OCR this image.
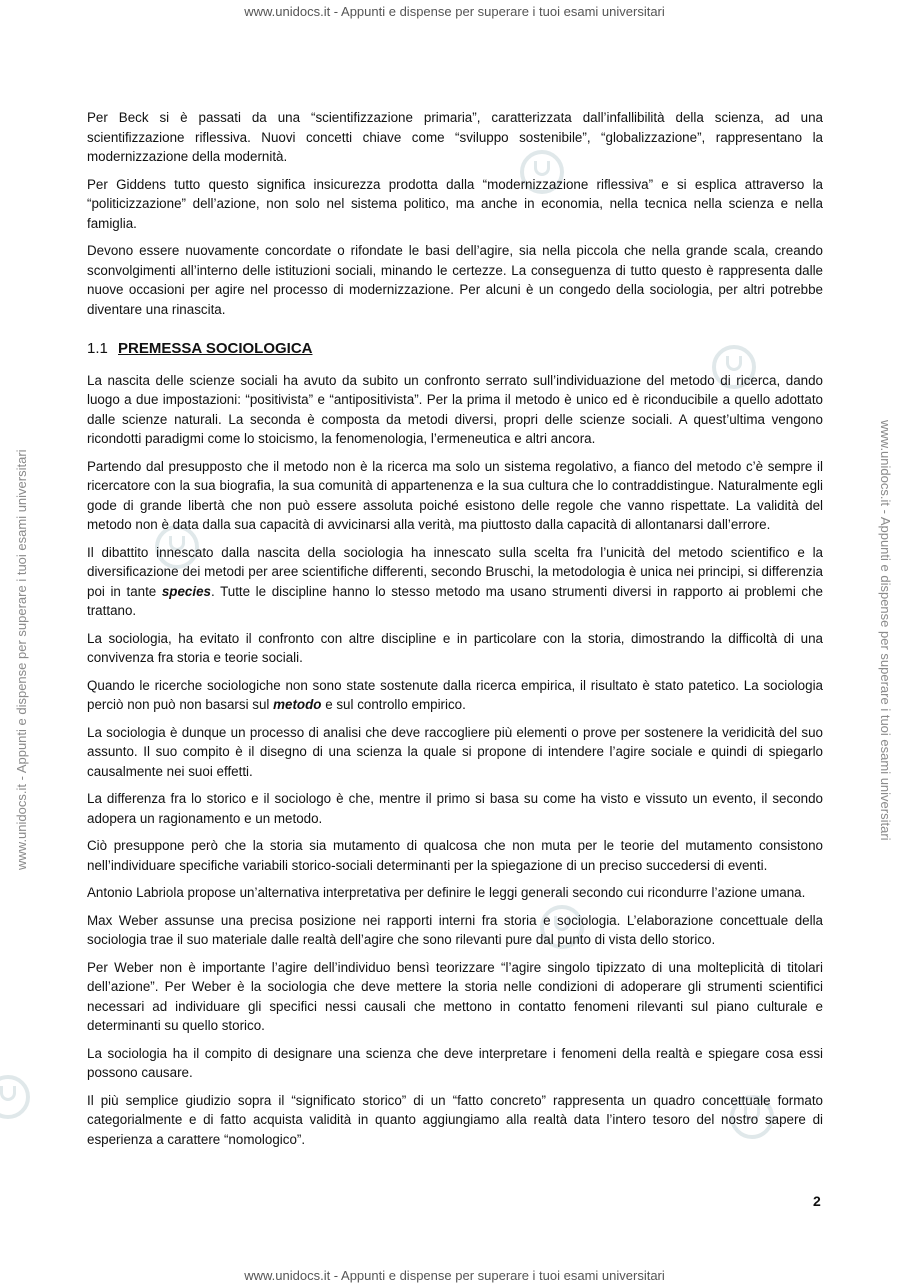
www.unidocs.it - Appunti e dispense per superare i tuoi esami universitari
www.unidocs.it - Appunti e dispense per superare i tuoi esami universitari	www.unidocs.it - Appunti e dispense per superare i tuoi esami universitari

Per Beck si è passati da una “scientifizzazione primaria”, caratterizzata dall’infallibilità della scienza, ad una scientifizzazione riflessiva. Nuovi concetti chiave come “sviluppo sostenibile”, “globalizzazione”, rappresentano la modernizzazione della modernità.

Per Giddens tutto questo significa insicurezza prodotta dalla “modernizzazione riflessiva” e si esplica attraverso la “politicizzazione” dell’azione, non solo nel sistema politico, ma anche in economia, nella tecnica nella scienza e nella famiglia.

Devono essere nuovamente concordate o rifondate le basi dell’agire, sia nella piccola che nella grande scala, creando sconvolgimenti all’interno delle istituzioni sociali, minando le certezze. La conseguenza di tutto questo è rappresenta dalle nuove occasioni per agire nel processo di modernizzazione. Per alcuni è un congedo della sociologia, per altri potrebbe diventare una rinascita.

1.1 PREMESSA SOCIOLOGICA

La nascita delle scienze sociali ha avuto da subito un confronto serrato sull’individuazione del metodo di ricerca, dando luogo a due impostazioni: “positivista” e “antipositivista”. Per la prima il metodo è unico ed è riconducibile a quello adottato dalle scienze naturali. La seconda è composta da metodi diversi, propri delle scienze sociali. A quest’ultima vengono ricondotti paradigmi come lo stoicismo, la fenomenologia, l’ermeneutica e altri ancora.

Partendo dal presupposto che il metodo non è la ricerca ma solo un sistema regolativo, a fianco del metodo c’è sempre il ricercatore con la sua biografia, la sua comunità di appartenenza e la sua cultura che lo contraddistingue. Naturalmente egli gode di grande libertà che non può essere assoluta poiché esistono delle regole che vanno rispettate. La validità del metodo non è data dalla sua capacità di avvicinarsi alla verità, ma piuttosto dalla capacità di allontanarsi dall’errore.

Il dibattito innescato dalla nascita della sociologia ha innescato sulla scelta fra l’unicità del metodo scientifico e la diversificazione dei metodi per aree scientifiche differenti, secondo Bruschi, la metodologia è unica nei principi, si differenzia poi in tante species. Tutte le discipline hanno lo stesso metodo ma usano strumenti diversi in rapporto ai problemi che trattano.

La sociologia, ha evitato il confronto con altre discipline e in particolare con la storia, dimostrando la difficoltà di una convivenza fra storia e teorie sociali.

Quando le ricerche sociologiche non sono state sostenute dalla ricerca empirica, il risultato è stato patetico. La sociologia perciò non può non basarsi sul metodo e sul controllo empirico.

La sociologia è dunque un processo di analisi che deve raccogliere più elementi o prove per sostenere la veridicità del suo assunto. Il suo compito è il disegno di una scienza la quale si propone di intendere l’agire sociale e quindi di spiegarlo causalmente nei suoi effetti.

La differenza fra lo storico e il sociologo è che, mentre il primo si basa su come ha visto e vissuto un evento, il secondo adopera un ragionamento e un metodo.

Ciò presuppone però che la storia sia mutamento di qualcosa che non muta per le teorie del mutamento consistono nell’individuare specifiche variabili storico-sociali determinanti per la spiegazione di un preciso succedersi di eventi.

Antonio Labriola propose un’alternativa interpretativa per definire le leggi generali secondo cui ricondurre l’azione umana.

Max Weber assunse una precisa posizione nei rapporti interni fra storia e sociologia. L’elaborazione concettuale della sociologia trae il suo materiale dalle realtà dell’agire che sono rilevanti pure dal punto di vista dello storico.

Per Weber non è importante l’agire dell’individuo bensì teorizzare “l’agire singolo tipizzato di una molteplicità di titolari dell’azione”. Per Weber è la sociologia che deve mettere la storia nelle condizioni di adoperare gli strumenti scientifici necessari ad individuare gli specifici nessi causali che mettono in contatto fenomeni rilevanti sul piano culturale e determinanti su quello storico.

La sociologia ha il compito di designare una scienza che deve interpretare i fenomeni della realtà e spiegare cosa essi possono causare.

Il più semplice giudizio sopra il “significato storico” di un “fatto concreto” rappresenta un quadro concettuale formato categorialmente e di fatto acquista validità in quanto aggiungiamo alla realtà data l’intero tesoro del nostro sapere di esperienza a carattere “nomologico”.

2
www.unidocs.it - Appunti e dispense per superare i tuoi esami universitari
